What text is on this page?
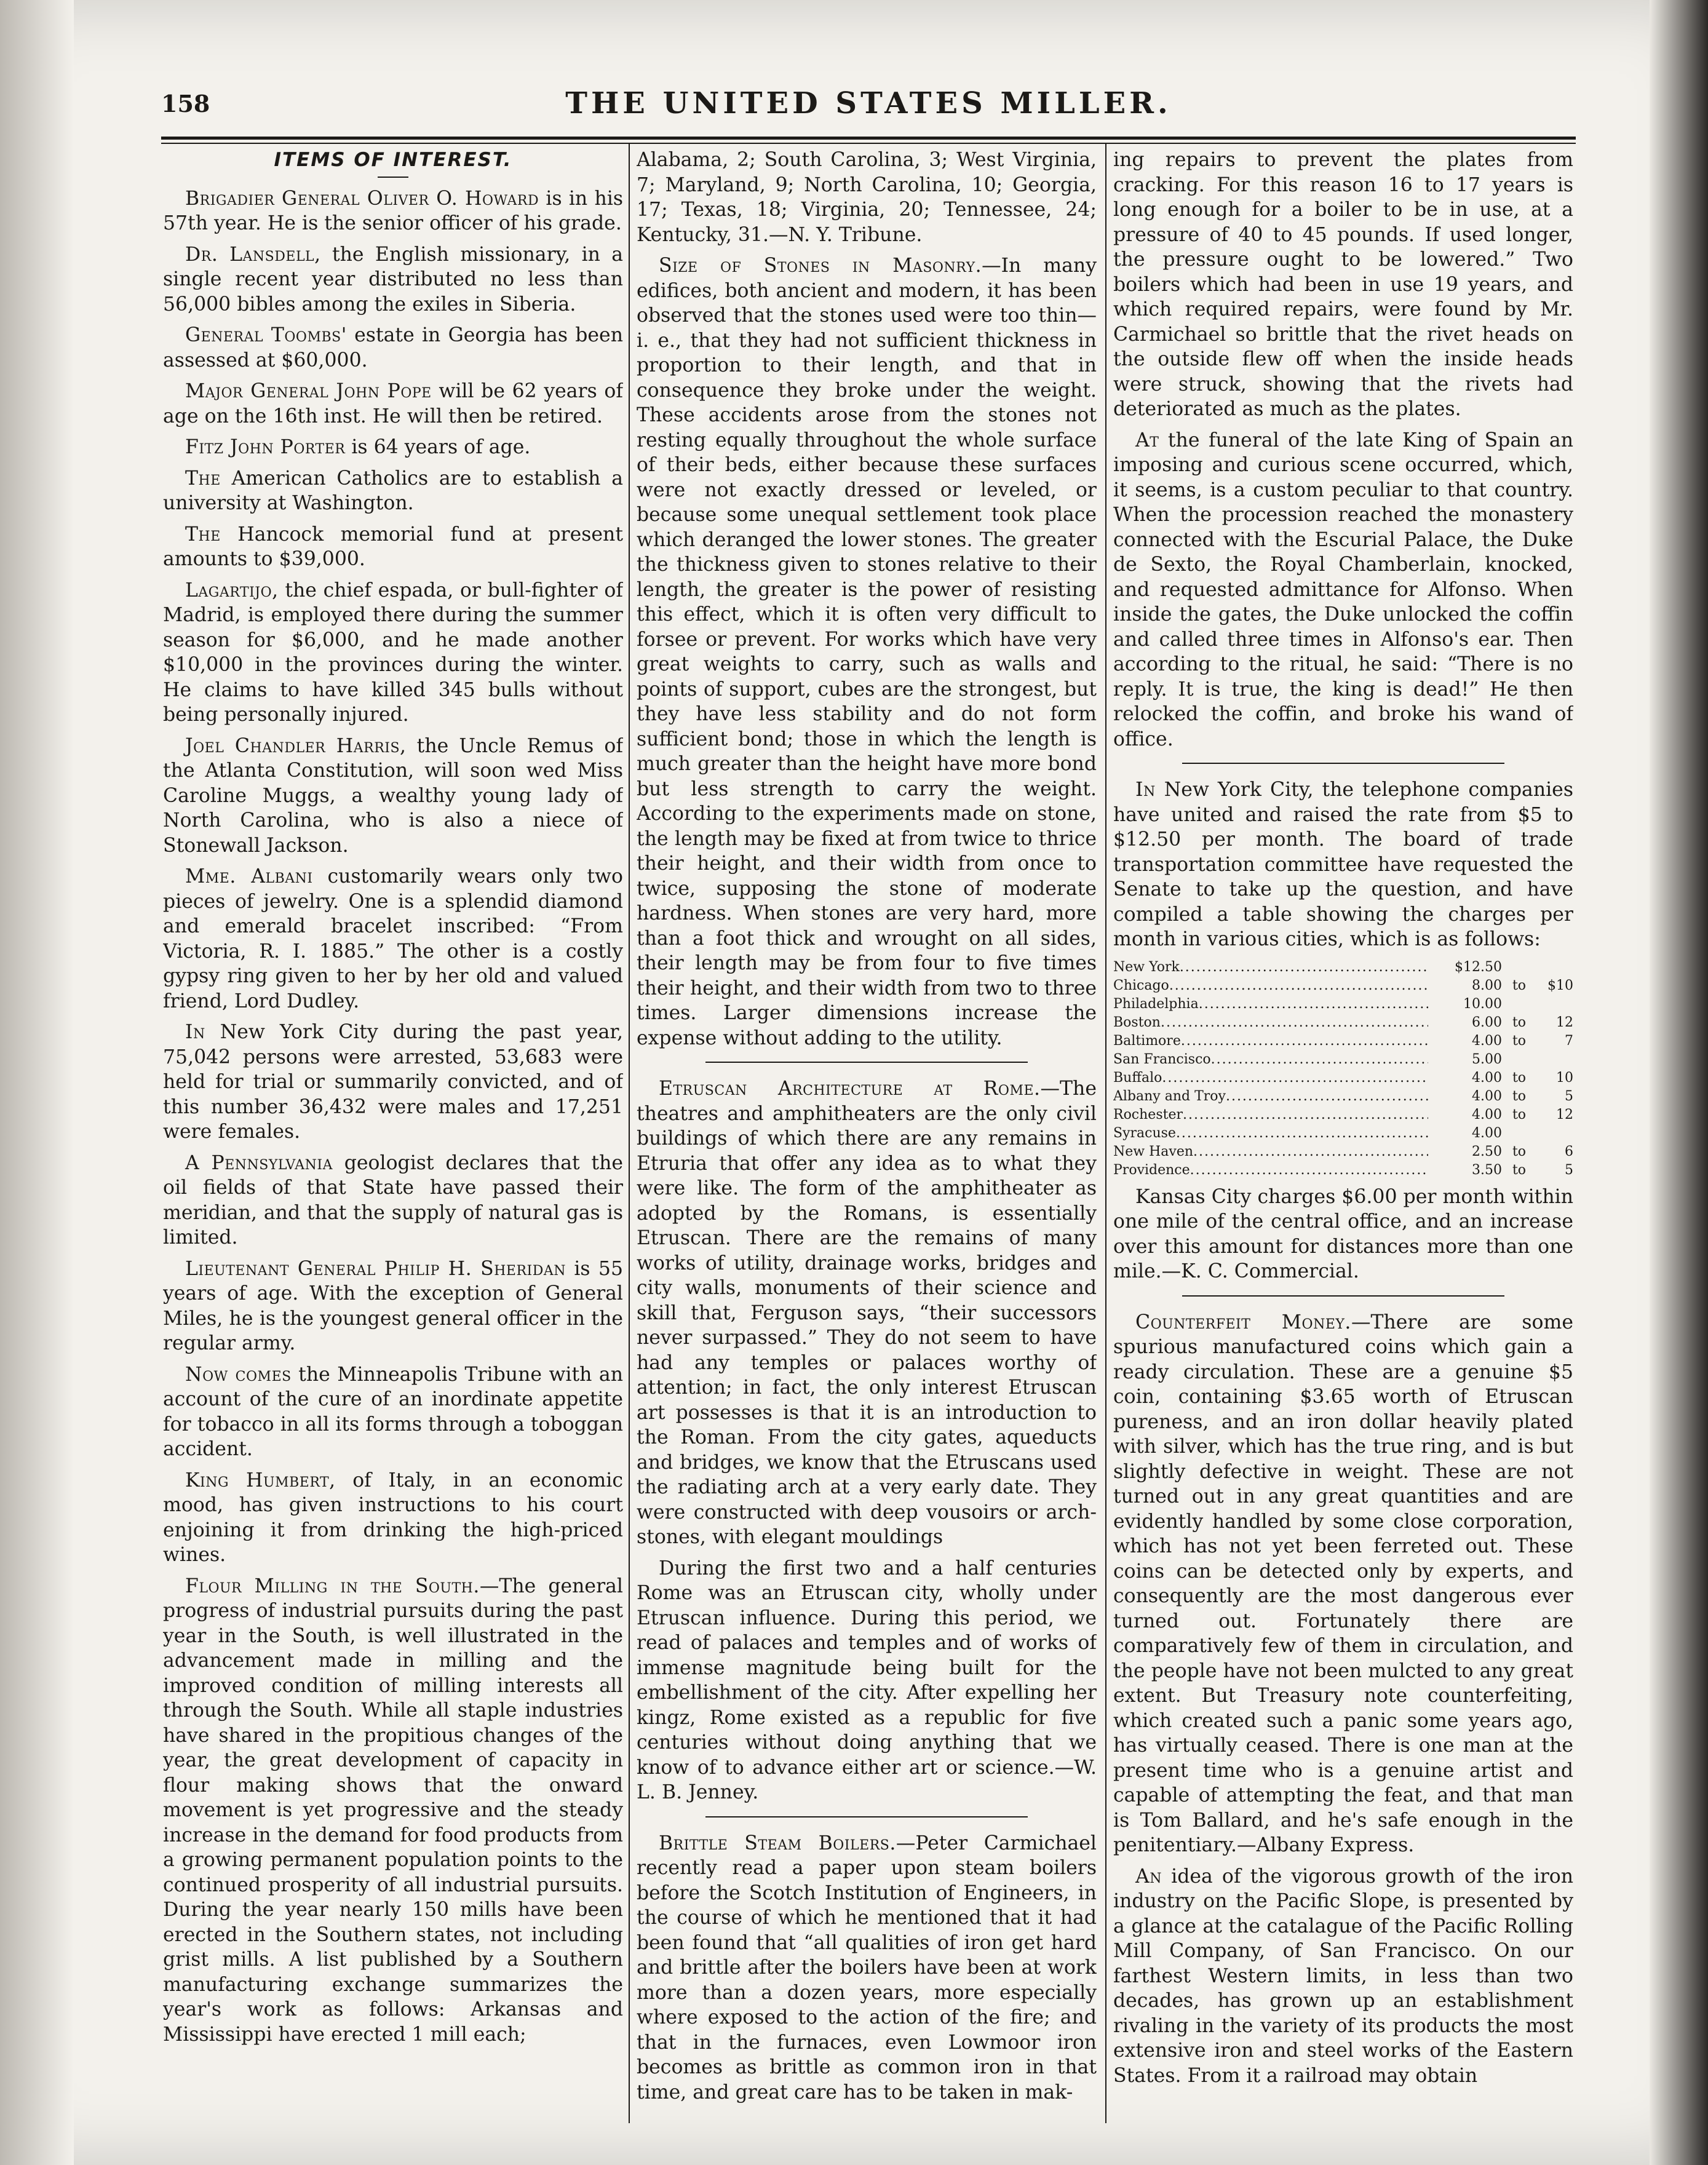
158	THE UNITED STATES MILLER.
ITEMS OF INTEREST.

Brigadier General Oliver O. Howard is in his 57th year. He is the senior officer of his grade.

Dr. Lansdell, the English missionary, in a single recent year distributed no less than 56,000 bibles among the exiles in Siberia.

General Toombs' estate in Georgia has been assessed at $60,000.

Major General John Pope will be 62 years of age on the 16th inst. He will then be retired.

Fitz John Porter is 64 years of age.

The American Catholics are to establish a university at Washington.

The Hancock memorial fund at present amounts to $39,000.

Lagartijo, the chief espada, or bull-fighter of Madrid, is employed there during the summer season for $6,000, and he made another $10,000 in the provinces during the winter. He claims to have killed 345 bulls without being personally injured.

Joel Chandler Harris, the Uncle Remus of the Atlanta Constitution, will soon wed Miss Caroline Muggs, a wealthy young lady of North Carolina, who is also a niece of Stonewall Jackson.

Mme. Albani customarily wears only two pieces of jewelry. One is a splendid diamond and emerald bracelet inscribed: “From Victoria, R. I. 1885.” The other is a costly gypsy ring given to her by her old and valued friend, Lord Dudley.

In New York City during the past year, 75,042 persons were arrested, 53,683 were held for trial or summarily convicted, and of this number 36,432 were males and 17,251 were females.

A Pennsylvania geologist declares that the oil fields of that State have passed their meridian, and that the supply of natural gas is limited.

Lieutenant General Philip H. Sheridan is 55 years of age. With the exception of General Miles, he is the youngest general officer in the regular army.

Now comes the Minneapolis Tribune with an account of the cure of an inordinate appetite for tobacco in all its forms through a toboggan accident.

King Humbert, of Italy, in an economic mood, has given instructions to his court enjoining it from drinking the high-priced wines.

Flour Milling in the South.—The general progress of industrial pursuits during the past year in the South, is well illustrated in the advancement made in milling and the improved condition of milling interests all through the South. While all staple industries have shared in the propitious changes of the year, the great development of capacity in flour making shows that the onward movement is yet progressive and the steady increase in the demand for food products from a growing permanent population points to the continued prosperity of all industrial pursuits. During the year nearly 150 mills have been erected in the Southern states, not including grist mills. A list published by a Southern manufacturing exchange summarizes the year's work as follows: Arkansas and Mississippi have erected 1 mill each;

Alabama, 2; South Carolina, 3; West Virginia, 7; Maryland, 9; North Carolina, 10; Georgia, 17; Texas, 18; Virginia, 20; Tennessee, 24; Kentucky, 31.—N. Y. Tribune.

Size of Stones in Masonry.—In many edifices, both ancient and modern, it has been observed that the stones used were too thin—i. e., that they had not sufficient thickness in proportion to their length, and that in consequence they broke under the weight. These accidents arose from the stones not resting equally throughout the whole surface of their beds, either because these surfaces were not exactly dressed or leveled, or because some unequal settlement took place which deranged the lower stones. The greater the thickness given to stones relative to their length, the greater is the power of resisting this effect, which it is often very difficult to forsee or prevent. For works which have very great weights to carry, such as walls and points of support, cubes are the strongest, but they have less stability and do not form sufficient bond; those in which the length is much greater than the height have more bond but less strength to carry the weight. According to the experiments made on stone, the length may be fixed at from twice to thrice their height, and their width from once to twice, supposing the stone of moderate hardness. When stones are very hard, more than a foot thick and wrought on all sides, their length may be from four to five times their height, and their width from two to three times. Larger dimensions increase the expense without adding to the utility.

Etruscan Architecture at Rome.—The theatres and amphitheaters are the only civil buildings of which there are any remains in Etruria that offer any idea as to what they were like. The form of the amphitheater as adopted by the Romans, is essentially Etruscan. There are the remains of many works of utility, drainage works, bridges and city walls, monuments of their science and skill that, Ferguson says, “their successors never surpassed.” They do not seem to have had any temples or palaces worthy of attention; in fact, the only interest Etruscan art possesses is that it is an introduction to the Roman. From the city gates, aqueducts and bridges, we know that the Etruscans used the radiating arch at a very early date. They were constructed with deep vousoirs or arch-stones, with elegant mouldings

During the first two and a half centuries Rome was an Etruscan city, wholly under Etruscan influence. During this period, we read of palaces and temples and of works of immense magnitude being built for the embellishment of the city. After expelling her kingz, Rome existed as a republic for five centuries without doing anything that we know of to advance either art or science.—W. L. B. Jenney.

Brittle Steam Boilers.—Peter Carmichael recently read a paper upon steam boilers before the Scotch Institution of Engineers, in the course of which he mentioned that it had been found that “all qualities of iron get hard and brittle after the boilers have been at work more than a dozen years, more especially where exposed to the action of the fire; and that in the furnaces, even Lowmoor iron becomes as brittle as common iron in that time, and great care has to be taken in mak-

ing repairs to prevent the plates from cracking. For this reason 16 to 17 years is long enough for a boiler to be in use, at a pressure of 40 to 45 pounds. If used longer, the pressure ought to be lowered.” Two boilers which had been in use 19 years, and which required repairs, were found by Mr. Carmichael so brittle that the rivet heads on the outside flew off when the inside heads were struck, showing that the rivets had deteriorated as much as the plates.

At the funeral of the late King of Spain an imposing and curious scene occurred, which, it seems, is a custom peculiar to that country. When the procession reached the monastery connected with the Escurial Palace, the Duke de Sexto, the Royal Chamberlain, knocked, and requested admittance for Alfonso. When inside the gates, the Duke unlocked the coffin and called three times in Alfonso's ear. Then according to the ritual, he said: “There is no reply. It is true, the king is dead!” He then relocked the coffin, and broke his wand of office.

In New York City, the telephone companies have united and raised the rate from $5 to $12.50 per month. The board of trade transportation committee have requested the Senate to take up the question, and have compiled a table showing the charges per month in various cities, which is as follows:

New York .....	$12.50
Chicago .....	8.00 to	$10
Philadelphia .....	10.00
Boston .....	6.00 to	12
Baltimore .....	4.00 to	7
San Francisco .....	5.00
Buffalo .....	4.00 to	10
Albany and Troy .....	4.00 to	5
Rochester .....	4.00 to	12
Syracuse .....	4.00
New Haven .....	2.50 to	6
Providence .....	3.50 to	5

Kansas City charges $6.00 per month within one mile of the central office, and an increase over this amount for distances more than one mile.—K. C. Commercial.

Counterfeit Money.—There are some spurious manufactured coins which gain a ready circulation. These are a genuine $5 coin, containing $3.65 worth of Etruscan pureness, and an iron dollar heavily plated with silver, which has the true ring, and is but slightly defective in weight. These are not turned out in any great quantities and are evidently handled by some close corporation, which has not yet been ferreted out. These coins can be detected only by experts, and consequently are the most dangerous ever turned out. Fortunately there are comparatively few of them in circulation, and the people have not been mulcted to any great extent. But Treasury note counterfeiting, which created such a panic some years ago, has virtually ceased. There is one man at the present time who is a genuine artist and capable of attempting the feat, and that man is Tom Ballard, and he's safe enough in the penitentiary.—Albany Express.

An idea of the vigorous growth of the iron industry on the Pacific Slope, is presented by a glance at the catalague of the Pacific Rolling Mill Company, of San Francisco. On our farthest Western limits, in less than two decades, has grown up an establishment rivaling in the variety of its products the most extensive iron and steel works of the Eastern States. From it a railroad may obtain
